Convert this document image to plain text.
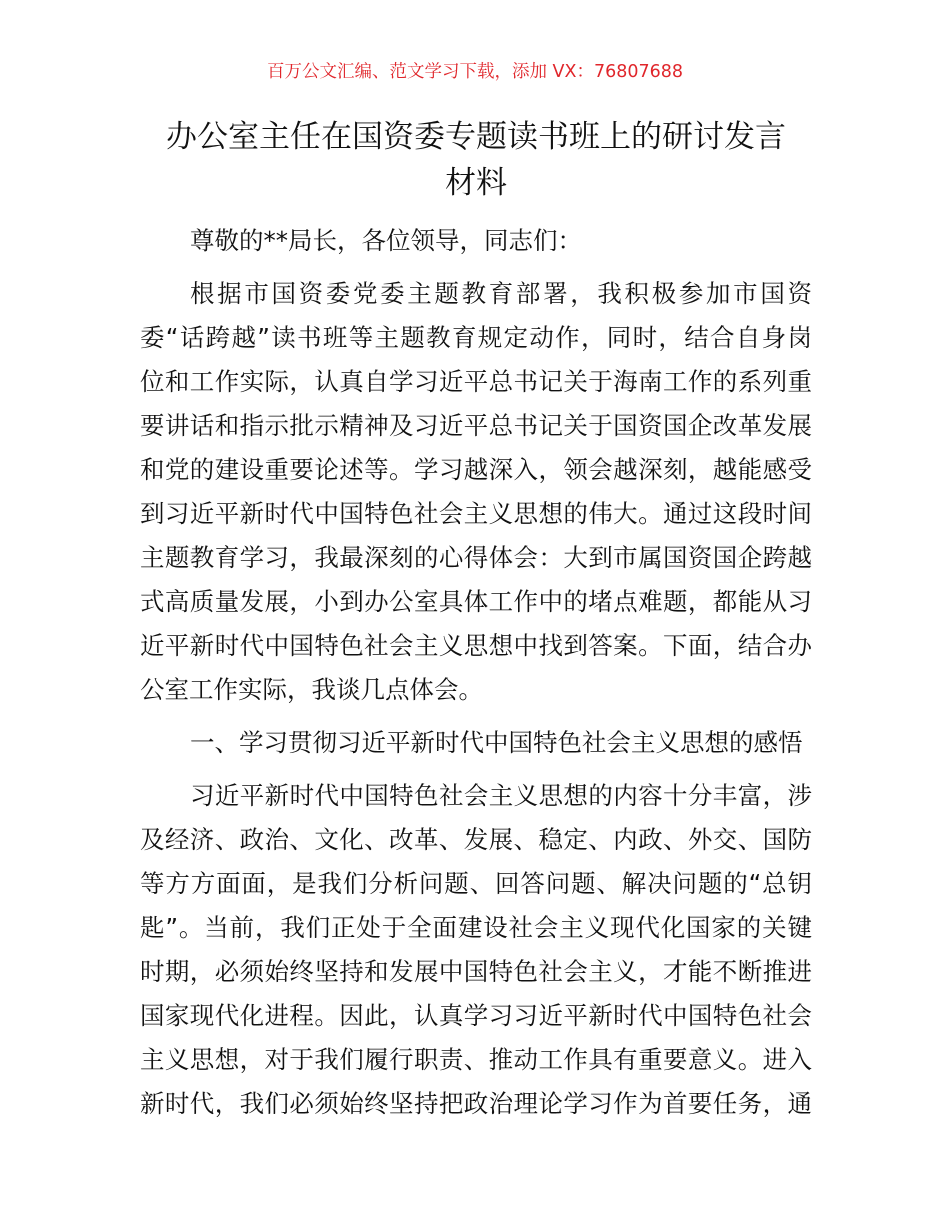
百万公文汇编、范文学习下载，添加 VX：76807688
办公室主任在国资委专题读书班上的研讨发言
材料
尊敬的**局长，各位领导，同志们：
根据市国资委党委主题教育部署，我积极参加市国资
委“话跨越”读书班等主题教育规定动作，同时，结合自身岗
位和工作实际，认真自学习近平总书记关于海南工作的系列重
要讲话和指示批示精神及习近平总书记关于国资国企改革发展
和党的建设重要论述等。学习越深入，领会越深刻，越能感受
到习近平新时代中国特色社会主义思想的伟大。通过这段时间
主题教育学习，我最深刻的心得体会：大到市属国资国企跨越
式高质量发展，小到办公室具体工作中的堵点难题，都能从习
近平新时代中国特色社会主义思想中找到答案。下面，结合办
公室工作实际，我谈几点体会。
一、学习贯彻习近平新时代中国特色社会主义思想的感悟
习近平新时代中国特色社会主义思想的内容十分丰富，涉
及经济、政治、文化、改革、发展、稳定、内政、外交、国防
等方方面面，是我们分析问题、回答问题、解决问题的“总钥
匙”。当前，我们正处于全面建设社会主义现代化国家的关键
时期，必须始终坚持和发展中国特色社会主义，才能不断推进
国家现代化进程。因此，认真学习习近平新时代中国特色社会
主义思想，对于我们履行职责、推动工作具有重要意义。进入
新时代，我们必须始终坚持把政治理论学习作为首要任务，通
